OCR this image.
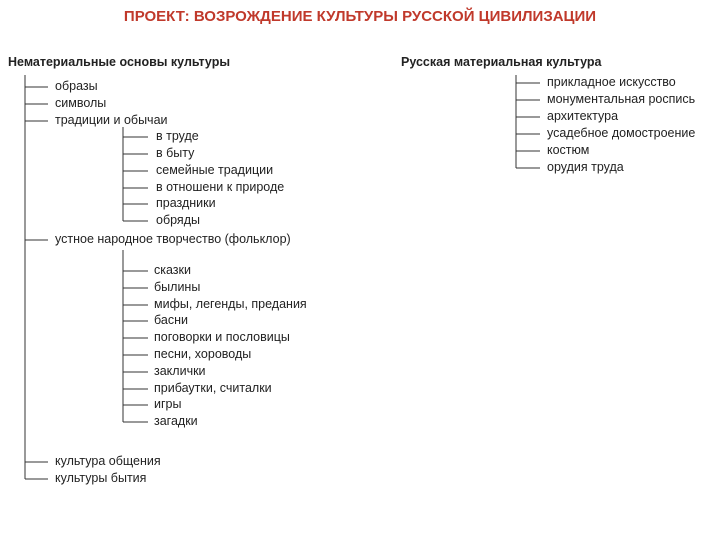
ПРОЕКТ: ВОЗРОЖДЕНИЕ КУЛЬТУРЫ РУССКОЙ ЦИВИЛИЗАЦИИ
Нематериальные основы культуры	Русская материальная культура
образы
символы
традиции и обычаи
в труде
в быту
семейные традиции
в отношени к природе
праздники
обряды
устное народное творчество (фольклор)
сказки
былины
мифы, легенды, предания
басни
поговорки и пословицы
песни, хороводы
заклички
прибаутки, считалки
игры
загадки
культура общения
культуры бытия
прикладное искусство
монументальная роспись
архитектура
усадебное домостроение
костюм
орудия труда
